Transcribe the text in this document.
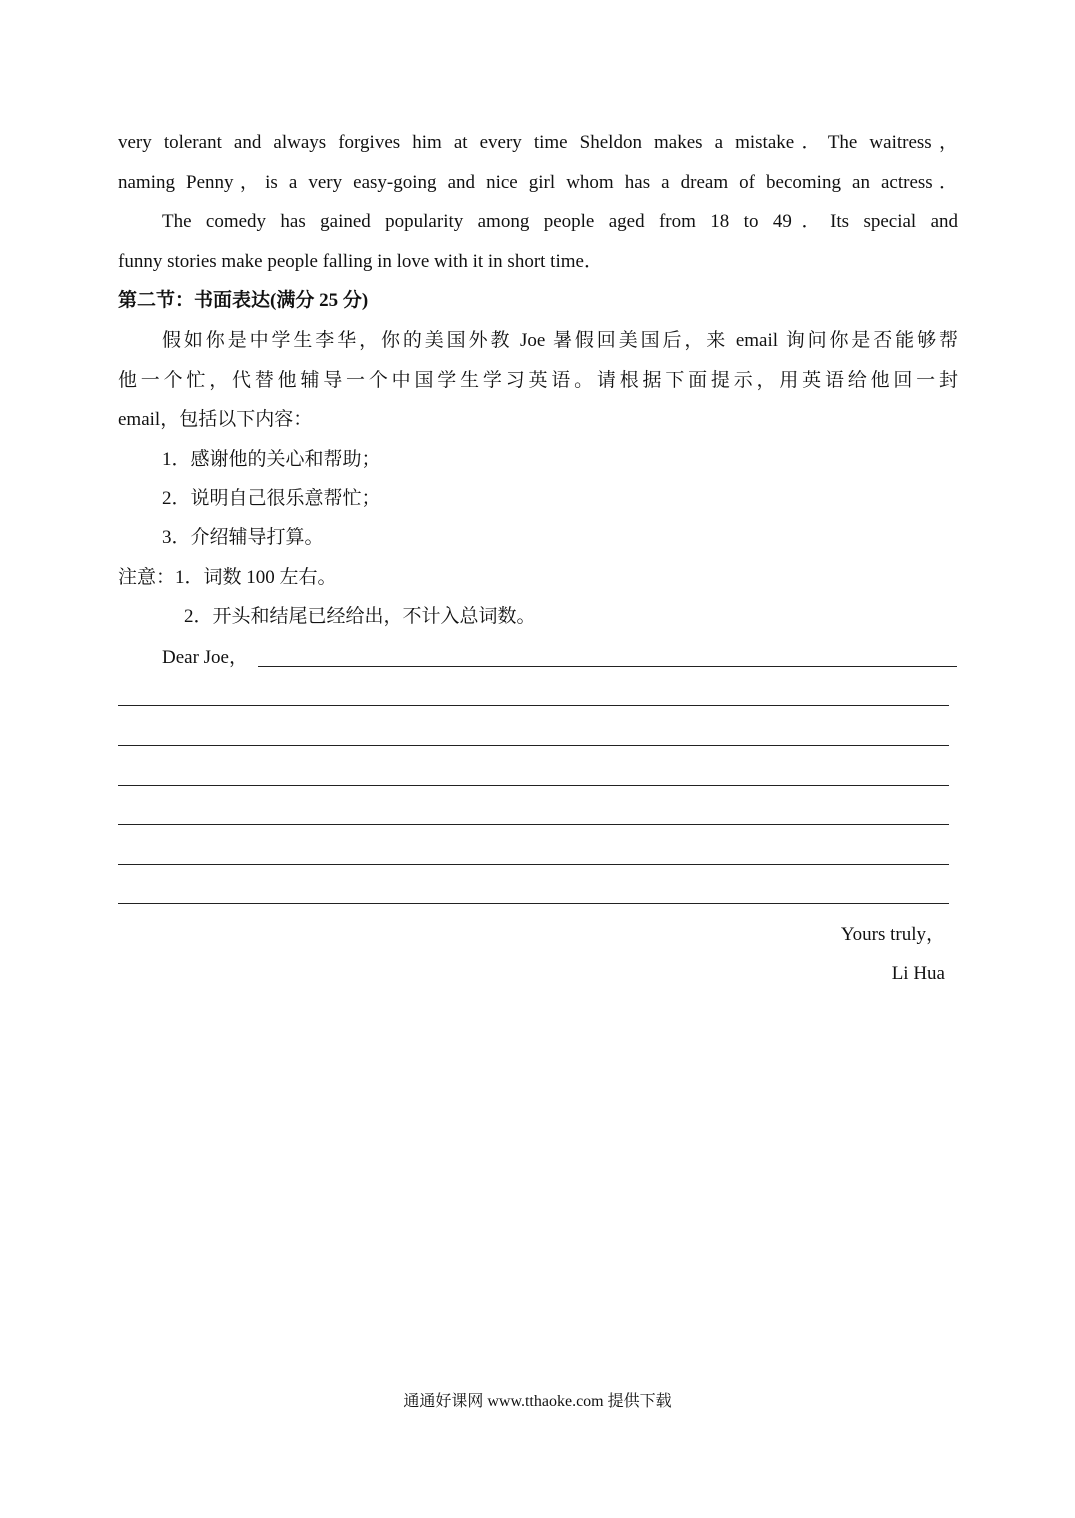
very tolerant and always forgives him at every time Sheldon makes a mistake．The waitress，
naming Penny，is a very easy-going and nice girl whom has a dream of becoming an actress．
The comedy has gained popularity among people aged from 18 to 49．Its special and
funny stories make people falling in love with it in short time．
第二节：书面表达(满分 25 分)
假如你是中学生李华，你的美国外教 Joe 暑假回美国后，来 email 询问你是否能够帮
他一个忙，代替他辅导一个中国学生学习英语。请根据下面提示，用英语给他回一封
email，包括以下内容：
1．感谢他的关心和帮助；
2．说明自己很乐意帮忙；
3．介绍辅导打算。
注意：1．词数 100 左右。
2．开头和结尾已经给出，不计入总词数。
Dear Joe，
Yours truly，
Li Hua
通通好课网 www.tthaoke.com 提供下载
